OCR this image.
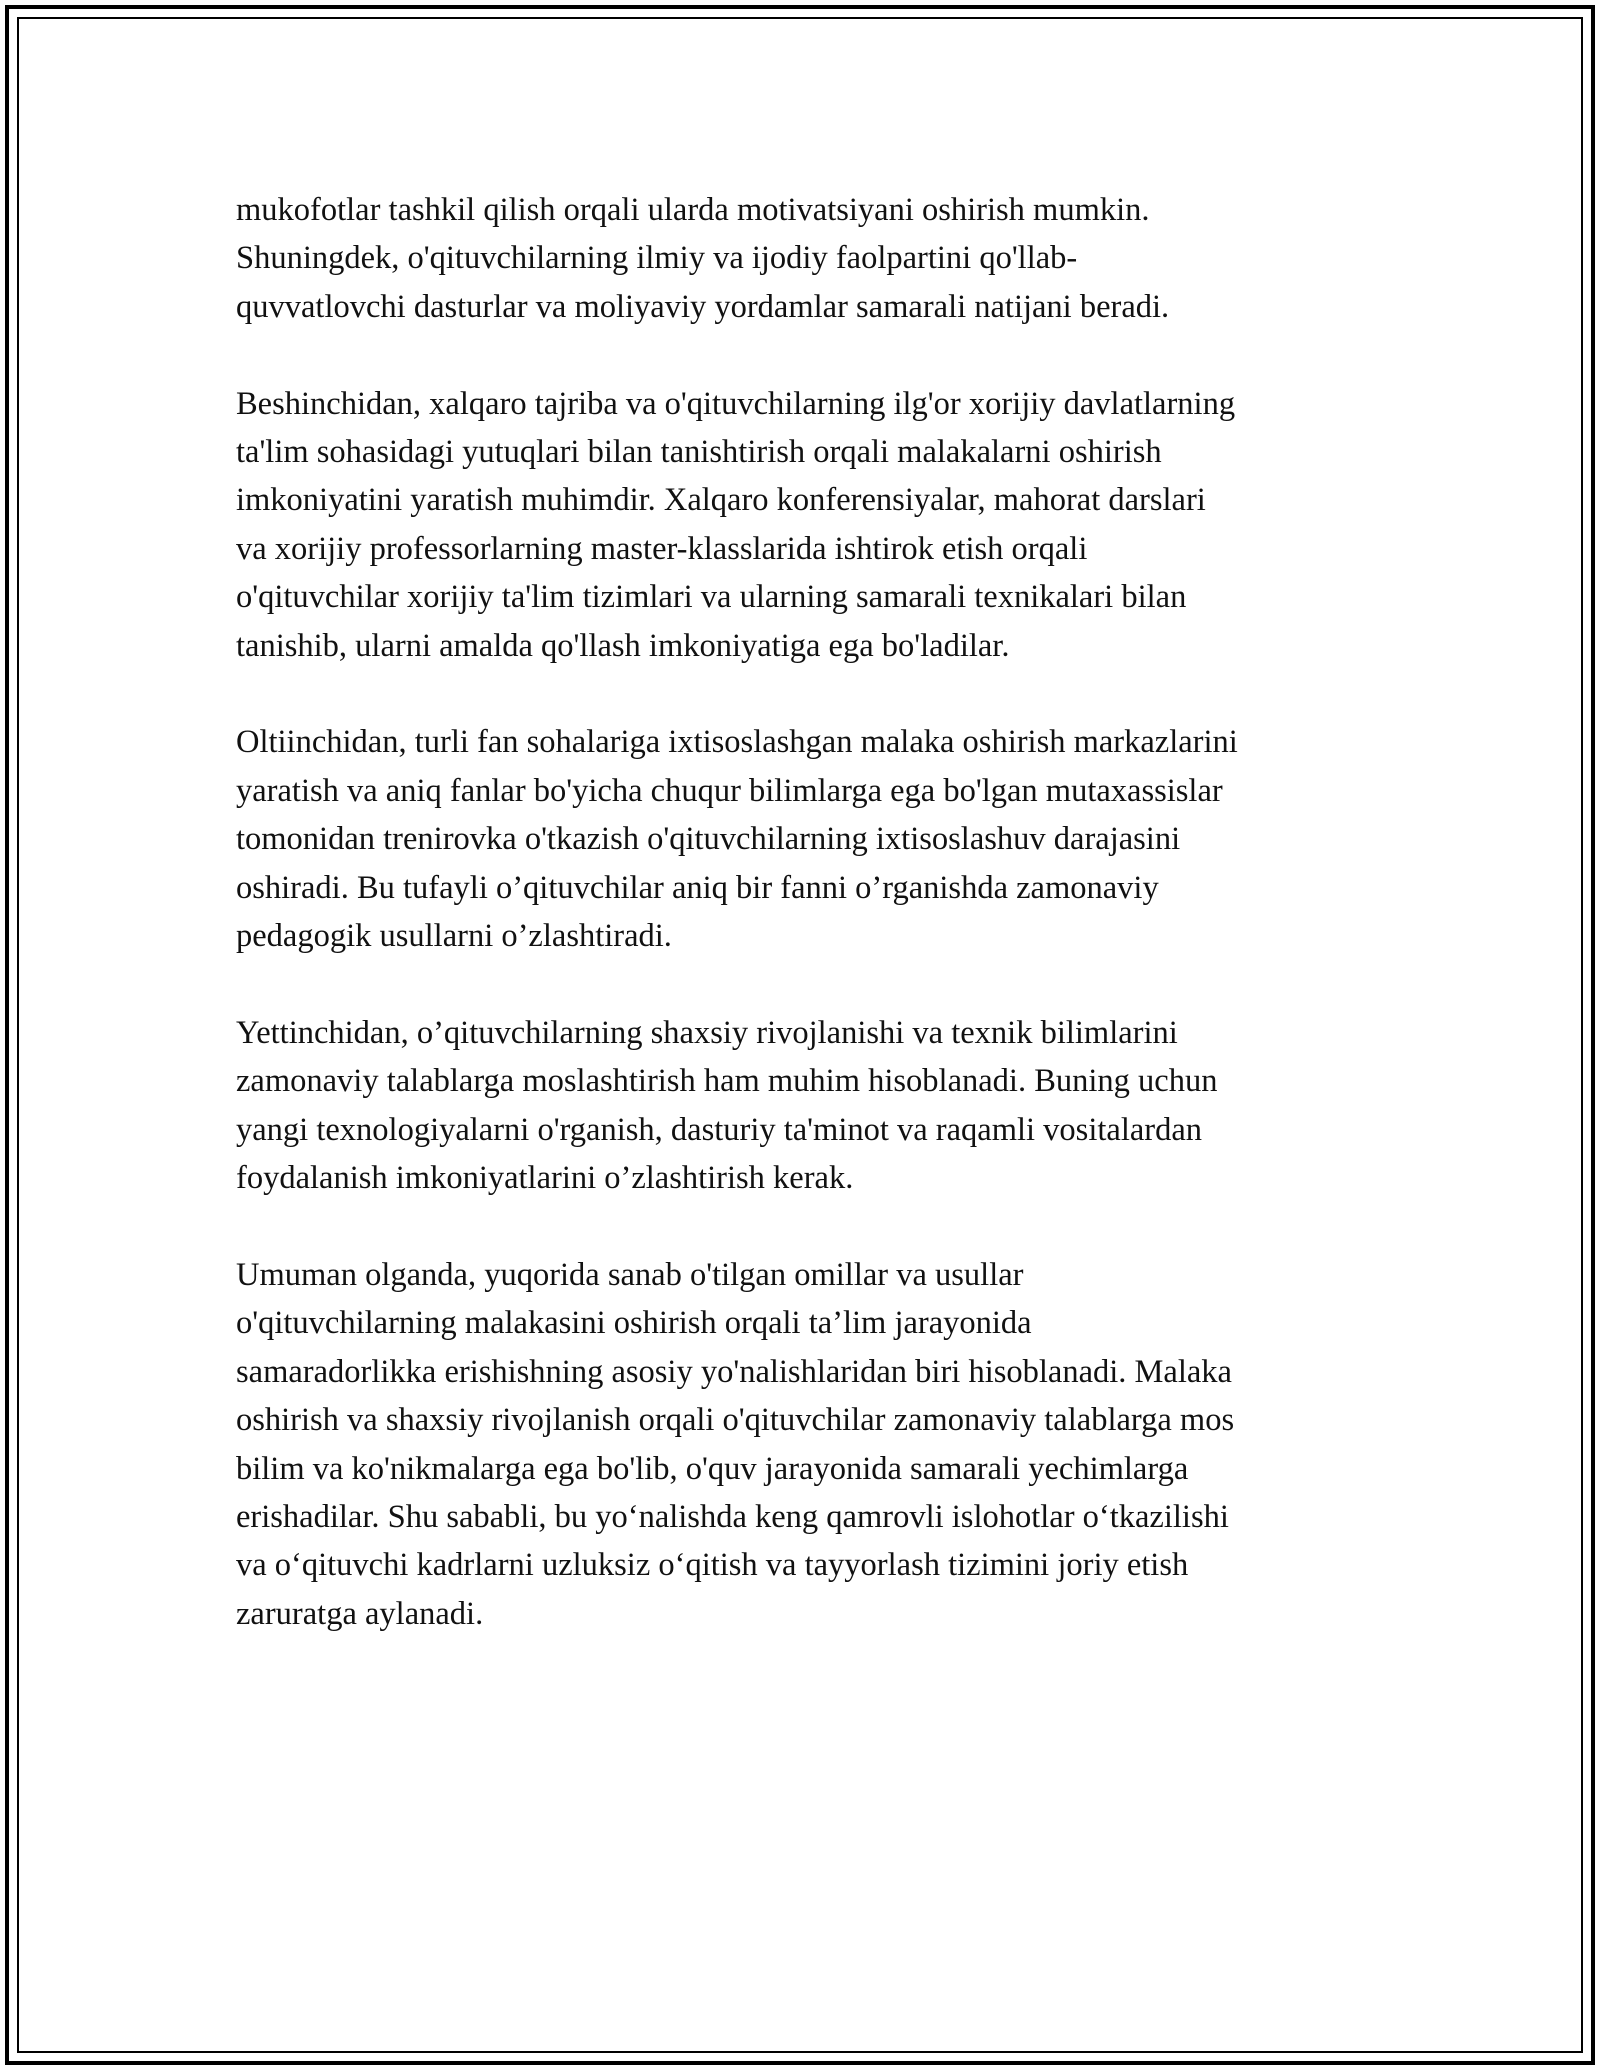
mukofotlar tashkil qilish orqali ularda motivatsiyani oshirish mumkin.
Shuningdek, o'qituvchilarning ilmiy va ijodiy faolpartini qo'llab-
quvvatlovchi dasturlar va moliyaviy yordamlar samarali natijani beradi.

Beshinchidan, xalqaro tajriba va o'qituvchilarning ilg'or xorijiy davlatlarning
ta'lim sohasidagi yutuqlari bilan tanishtirish orqali malakalarni oshirish
imkoniyatini yaratish muhimdir. Xalqaro konferensiyalar, mahorat darslari
va xorijiy professorlarning master-klasslarida ishtirok etish orqali
o'qituvchilar xorijiy ta'lim tizimlari va ularning samarali texnikalari bilan
tanishib, ularni amalda qo'llash imkoniyatiga ega bo'ladilar.

Oltiinchidan, turli fan sohalariga ixtisoslashgan malaka oshirish markazlarini
yaratish va aniq fanlar bo'yicha chuqur bilimlarga ega bo'lgan mutaxassislar
tomonidan trenirovka o'tkazish o'qituvchilarning ixtisoslashuv darajasini
oshiradi. Bu tufayli o’qituvchilar aniq bir fanni o’rganishda zamonaviy
pedagogik usullarni o’zlashtiradi.

Yettinchidan, o’qituvchilarning shaxsiy rivojlanishi va texnik bilimlarini
zamonaviy talablarga moslashtirish ham muhim hisoblanadi. Buning uchun
yangi texnologiyalarni o'rganish, dasturiy ta'minot va raqamli vositalardan
foydalanish imkoniyatlarini o’zlashtirish kerak.

Umuman olganda, yuqorida sanab o'tilgan omillar va usullar
o'qituvchilarning malakasini oshirish orqali ta’lim jarayonida
samaradorlikka erishishning asosiy yo'nalishlaridan biri hisoblanadi. Malaka
oshirish va shaxsiy rivojlanish orqali o'qituvchilar zamonaviy talablarga mos
bilim va ko'nikmalarga ega bo'lib, o'quv jarayonida samarali yechimlarga
erishadilar. Shu sababli, bu yo‘nalishda keng qamrovli islohotlar o‘tkazilishi
va o‘qituvchi kadrlarni uzluksiz o‘qitish va tayyorlash tizimini joriy etish
zaruratga aylanadi.
